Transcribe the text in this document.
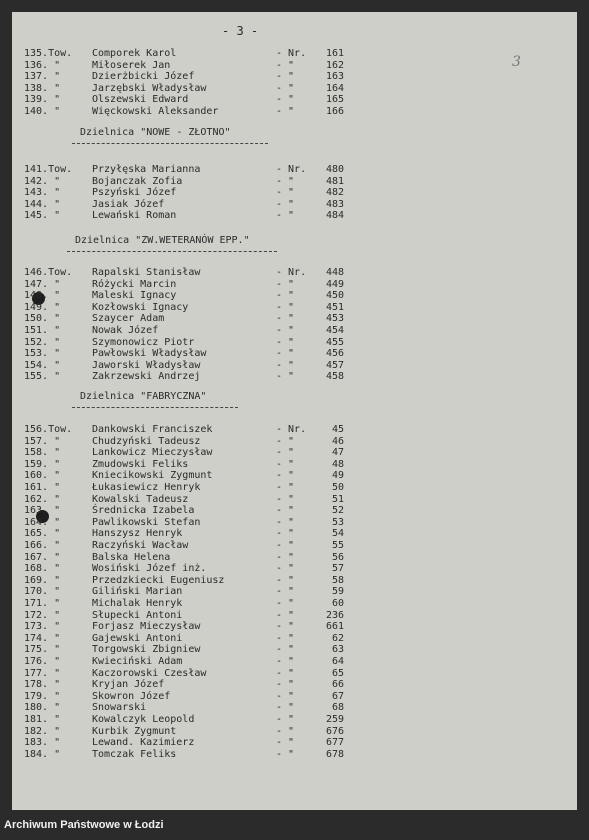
- 3 -
3
135.Tow.	Comporek Karol	- Nr.	161
136. "	Miłoserek Jan	- "	162
137. "	Dzierżbicki Józef	- "	163
138. "	Jarzębski Władysław	- "	164
139. "	Olszewski Edward	- "	165
140. "	Więckowski Aleksander	- "	166
Dzielnica "NOWE - ZŁOTNO"
141.Tow.	Przyłęska Marianna	- Nr.	480
142. "	Bojanczak Zofia	- "	481
143. "	Pszyński Józef	- "	482
144. "	Jasiak Józef	- "	483
145. "	Lewański Roman	- "	484
Dzielnica "ZW.WETERANÓW EPP."
146.Tow.	Rapalski Stanisław	- Nr.	448
147. "	Różycki Marcin	- "	449
148. "	Maleski Ignacy	- "	450
149. "	Kozłowski Ignacy	- "	451
150. "	Szaycer Adam	- "	453
151. "	Nowak Józef	- "	454
152. "	Szymonowicz Piotr	- "	455
153. "	Pawłowski Władysław	- "	456
154. "	Jaworski Władysław	- "	457
155. "	Zakrzewski Andrzej	- "	458
Dzielnica "FABRYCZNA"
156.Tow.	Dankowski Franciszek	- Nr.	45
157. "	Chudzyński Tadeusz	- "	46
158. "	Lankowicz Mieczysław	- "	47
159. "	Zmudowski Feliks	- "	48
160. "	Kniecikowski Zygmunt	- "	49
161. "	Łukasiewicz Henryk	- "	50
162. "	Kowalski Tadeusz	- "	51
163. "	Średnicka Izabela	- "	52
164. "	Pawlikowski Stefan	- "	53
165. "	Hanszysz Henryk	- "	54
166. "	Raczyński Wacław	- "	55
167. "	Balska Helena	- "	56
168. "	Wosiński Józef inż.	- "	57
169. "	Przedzkiecki Eugeniusz	- "	58
170. "	Giliński Marian	- "	59
171. "	Michalak Henryk	- "	60
172. "	Słupecki Antoni	- "	236
173. "	Forjasz Mieczysław	- "	661
174. "	Gajewski Antoni	- "	62
175. "	Torgowski Zbigniew	- "	63
176. "	Kwieciński Adam	- "	64
177. "	Kaczorowski Czesław	- "	65
178. "	Kryjan Józef	- "	66
179. "	Skowron Józef	- "	67
180. "	Snowarski	- "	68
181. "	Kowalczyk Leopold	- "	259
182. "	Kurbik Zygmunt	- "	676
183. "	Lewand. Kazimierz	- "	677
184. "	Tomczak Feliks	- "	678
Archiwum Państwowe w Łodzi
